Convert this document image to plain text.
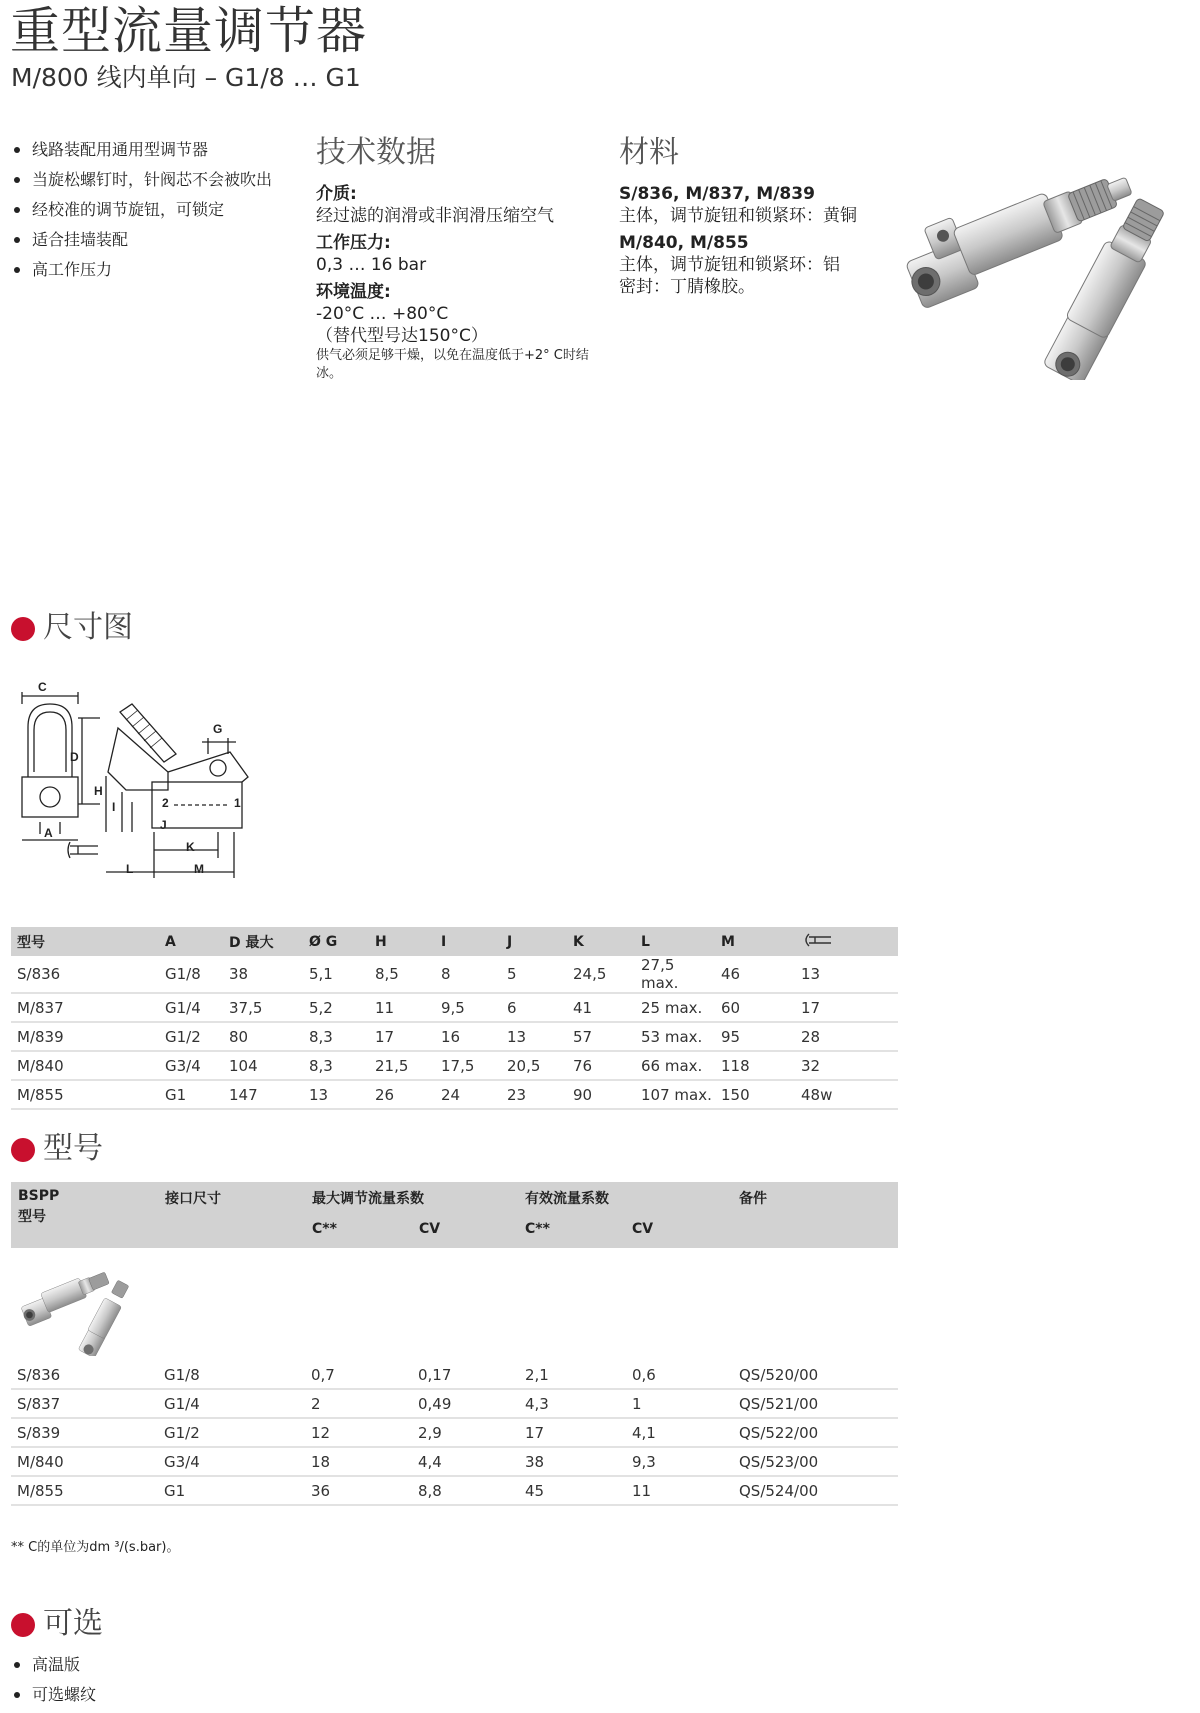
重型流量调节器
M/800 线内单向 – G1/8 … G1
线路装配用通用型调节器
当旋松螺钉时，针阀芯不会被吹出
经校准的调节旋钮，可锁定
适合挂墙装配
高工作压力
技术数据
介质:
经过滤的润滑或非润滑压缩空气
工作压力:
0,3 … 16 bar
环境温度:
-20°C … +80°C
（替代型号达150°C）
供气必须足够干燥，以免在温度低于+2° C时结冰。
材料
S/836, M/837, M/839
主体，调节旋钮和锁紧环：黄铜
M/840, M/855
主体，调节旋钮和锁紧环：铝
密封：丁腈橡胶。
尺寸图
C
D
G
H
I
J
K
L	M
A
2	1
型号	A	D 最大	Ø G	H	I	J	K	L	M	
S/836	G1/8	38	5,1	8,5	8	5	24,5	27,5 max.	46	13
M/837	G1/4	37,5	5,2	11	9,5	6	41	25 max.	60	17
M/839	G1/2	80	8,3	17	16	13	57	53 max.	95	28
M/840	G3/4	104	8,3	21,5	17,5	20,5	76	66 max.	118	32
M/855	G1	147	13	26	24	23	90	107 max.	150	48w
型号
BSPP
型号
接口尺寸	最大调节流量系数	有效流量系数	备件
C**	CV	C**	CV
S/836	G1/8	0,7	0,17	2,1	0,6	QS/520/00
S/837	G1/4	2	0,49	4,3	1	QS/521/00
S/839	G1/2	12	2,9	17	4,1	QS/522/00
M/840	G3/4	18	4,4	38	9,3	QS/523/00
M/855	G1	36	8,8	45	11	QS/524/00
** C的单位为dm ³/(s.bar)。
可选
高温版
可选螺纹
